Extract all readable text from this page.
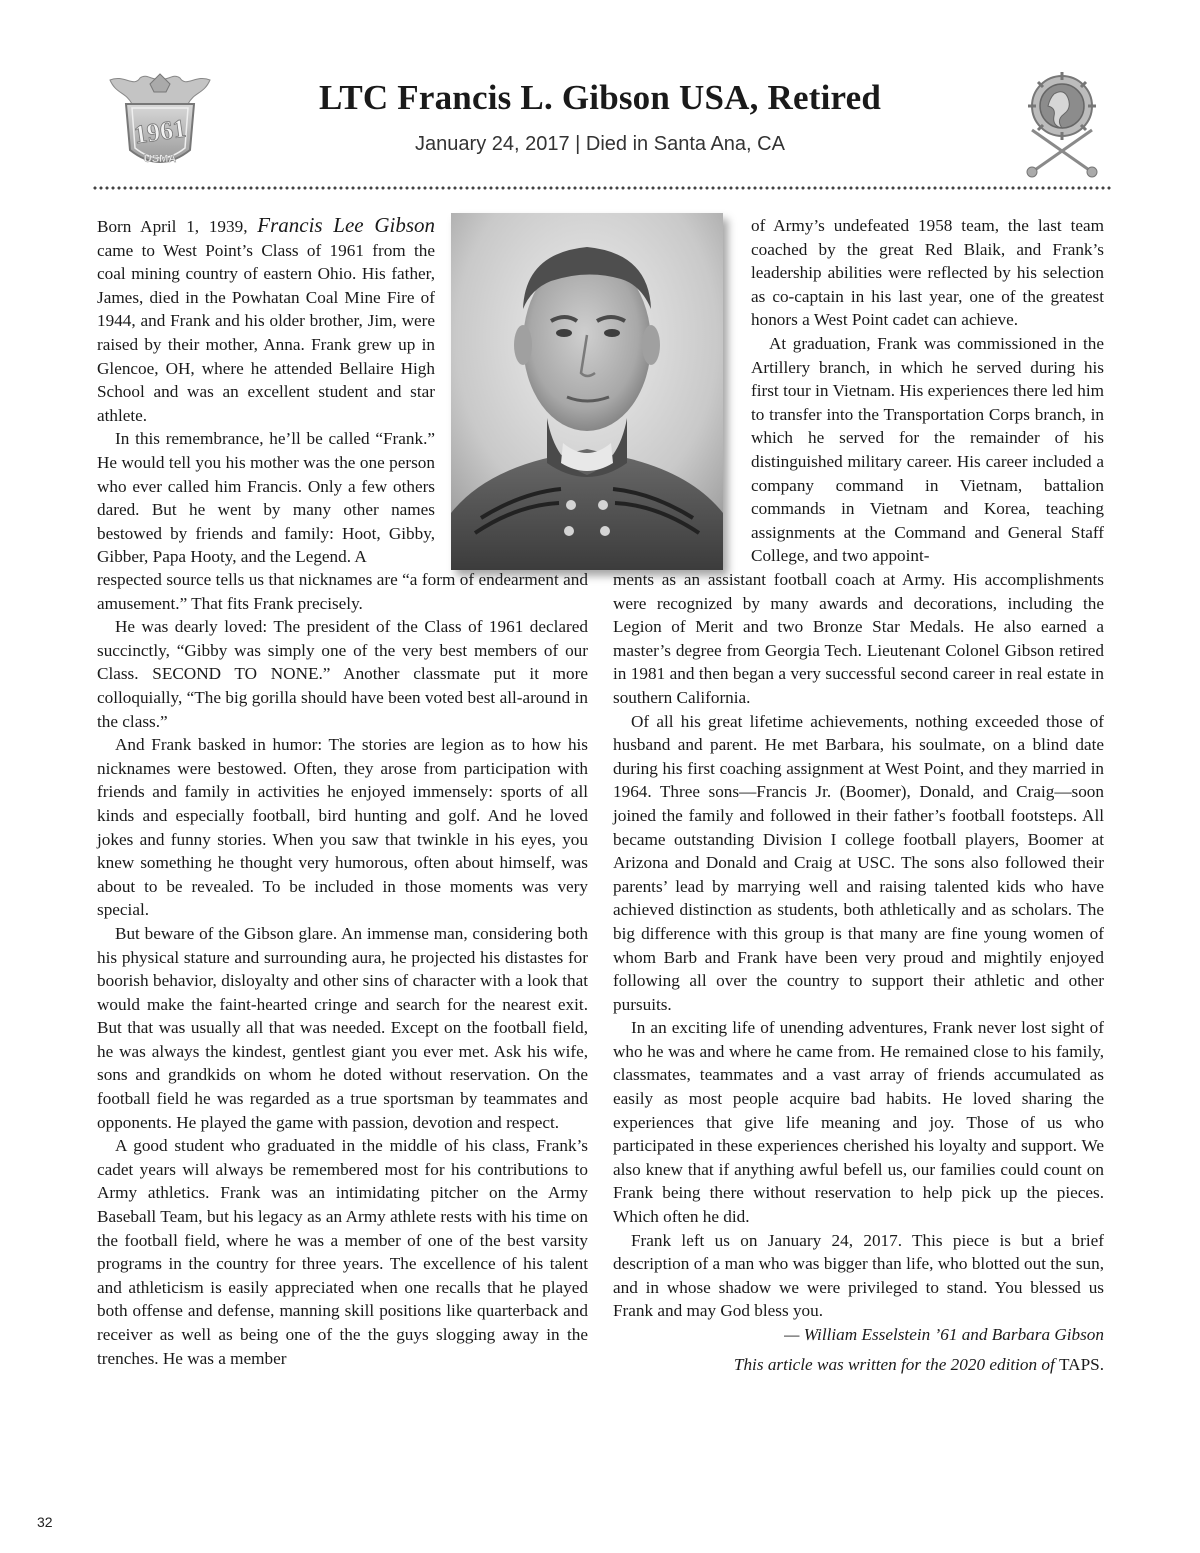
1961
USMA
LTC Francis L. Gibson USA, Retired
January 24, 2017 | Died in Santa Ana, CA

Born April 1, 1939, Francis Lee Gibson came to West Point’s Class of 1961 from the coal mining country of eastern Ohio. His father, James, died in the Powhatan Coal Mine Fire of 1944, and Frank and his older brother, Jim, were raised by their mother, Anna. Frank grew up in Glencoe, OH, where he attended Bellaire High School and was an excellent student and star athlete.

In this remembrance, he’ll be called “Frank.” He would tell you his mother was the one person who ever called him Francis. Only a few others dared. But he went by many other names bestowed by friends and family: Hoot, Gibby, Gibber, Papa Hooty, and the Legend. A

respected source tells us that nicknames are “a form of endearment and amusement.” That fits Frank precisely.

He was dearly loved: The president of the Class of 1961 declared succinctly, “Gibby was simply one of the very best members of our Class. SECOND TO NONE.” Another classmate put it more colloquially, “The big gorilla should have been voted best all-around in the class.”

And Frank basked in humor: The stories are legion as to how his nicknames were bestowed. Often, they arose from participation with friends and family in activities he enjoyed immensely: sports of all kinds and especially football, bird hunting and golf. And he loved jokes and funny stories. When you saw that twinkle in his eyes, you knew something he thought very humorous, often about himself, was about to be revealed. To be included in those moments was very special.

But beware of the Gibson glare. An immense man, considering both his physical stature and surrounding aura, he projected his distastes for boorish behavior, disloyalty and other sins of character with a look that would make the faint-hearted cringe and search for the nearest exit. But that was usually all that was needed. Except on the football field, he was always the kindest, gentlest giant you ever met. Ask his wife, sons and grandkids on whom he doted without reservation. On the football field he was regarded as a true sportsman by teammates and opponents. He played the game with passion, devotion and respect.

A good student who graduated in the middle of his class, Frank’s cadet years will always be remembered most for his contributions to Army athletics. Frank was an intimidating pitcher on the Army Baseball Team, but his legacy as an Army athlete rests with his time on the football field, where he was a member of one of the best varsity programs in the country for three years. The excellence of his talent and athleticism is easily appreciated when one recalls that he played both offense and defense, manning skill positions like quarterback and receiver as well as being one of the the guys slogging away in the trenches. He was a member

of Army’s undefeated 1958 team, the last team coached by the great Red Blaik, and Frank’s leadership abilities were reflected by his selection as co-captain in his last year, one of the greatest honors a West Point cadet can achieve.

At graduation, Frank was commissioned in the Artillery branch, in which he served during his first tour in Vietnam. His experiences there led him to transfer into the Transportation Corps branch, in which he served for the remainder of his distinguished military career. His career included a company command in Vietnam, battalion commands in Vietnam and Korea, teaching assignments at the Command and General Staff College, and two appoint-

ments as an assistant football coach at Army. His accomplishments were recognized by many awards and decorations, including the Legion of Merit and two Bronze Star Medals. He also earned a master’s degree from Georgia Tech. Lieutenant Colonel Gibson retired in 1981 and then began a very successful second career in real estate in southern California.

Of all his great lifetime achievements, nothing exceeded those of husband and parent. He met Barbara, his soulmate, on a blind date during his first coaching assignment at West Point, and they married in 1964. Three sons—Francis Jr. (Boomer), Donald, and Craig—soon joined the family and followed in their father’s football footsteps. All became outstanding Division I college football players, Boomer at Arizona and Donald and Craig at USC. The sons also followed their parents’ lead by marrying well and raising talented kids who have achieved distinction as students, both athletically and as scholars. The big difference with this group is that many are fine young women of whom Barb and Frank have been very proud and mightily enjoyed following all over the country to support their athletic and other pursuits.

In an exciting life of unending adventures, Frank never lost sight of who he was and where he came from. He remained close to his family, classmates, teammates and a vast array of friends accumulated as easily as most people acquire bad habits. He loved sharing the experiences that give life meaning and joy. Those of us who participated in these experiences cherished his loyalty and support. We also knew that if anything awful befell us, our families could count on Frank being there without reservation to help pick up the pieces. Which often he did.

Frank left us on January 24, 2017. This piece is but a brief description of a man who was bigger than life, who blotted out the sun, and in whose shadow we were privileged to stand. You blessed us Frank and may God bless you.

— William Esselstein ’61 and Barbara Gibson

This article was written for the 2020 edition of TAPS.

32
